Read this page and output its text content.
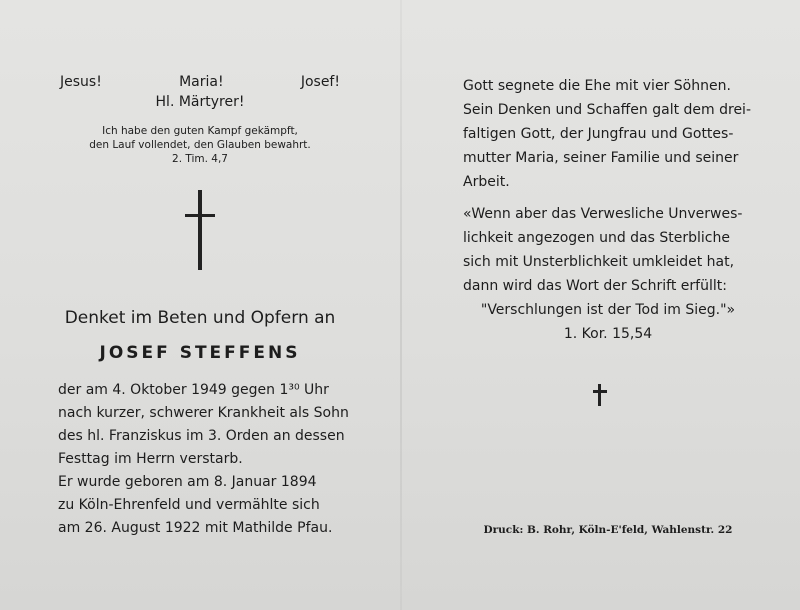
Jesus!	Maria!	Josef!
Hl. Märtyrer!
Ich habe den guten Kampf gekämpft,
den Lauf vollendet, den Glauben bewahrt.
2. Tim. 4,7
Denket im Beten und Opfern an
JOSEF STEFFENS
der am 4. Oktober 1949 gegen 1³⁰ Uhr
nach kurzer, schwerer Krankheit als Sohn
des hl. Franziskus im 3. Orden an dessen
Festtag im Herrn verstarb.
Er wurde geboren am 8. Januar 1894
zu Köln-Ehrenfeld und vermählte sich
am 26. August 1922 mit Mathilde Pfau.
Gott segnete die Ehe mit vier Söhnen.
Sein Denken und Schaffen galt dem drei-
faltigen Gott, der Jungfrau und Gottes-
mutter Maria, seiner Familie und seiner
Arbeit.
«Wenn aber das Verwesliche Unverwes-
lichkeit angezogen und das Sterbliche
sich mit Unsterblichkeit umkleidet hat,
dann wird das Wort der Schrift erfüllt:
"Verschlungen ist der Tod im Sieg."»
1. Kor. 15,54
Druck: B. Rohr, Köln-E'feld, Wahlenstr. 22
